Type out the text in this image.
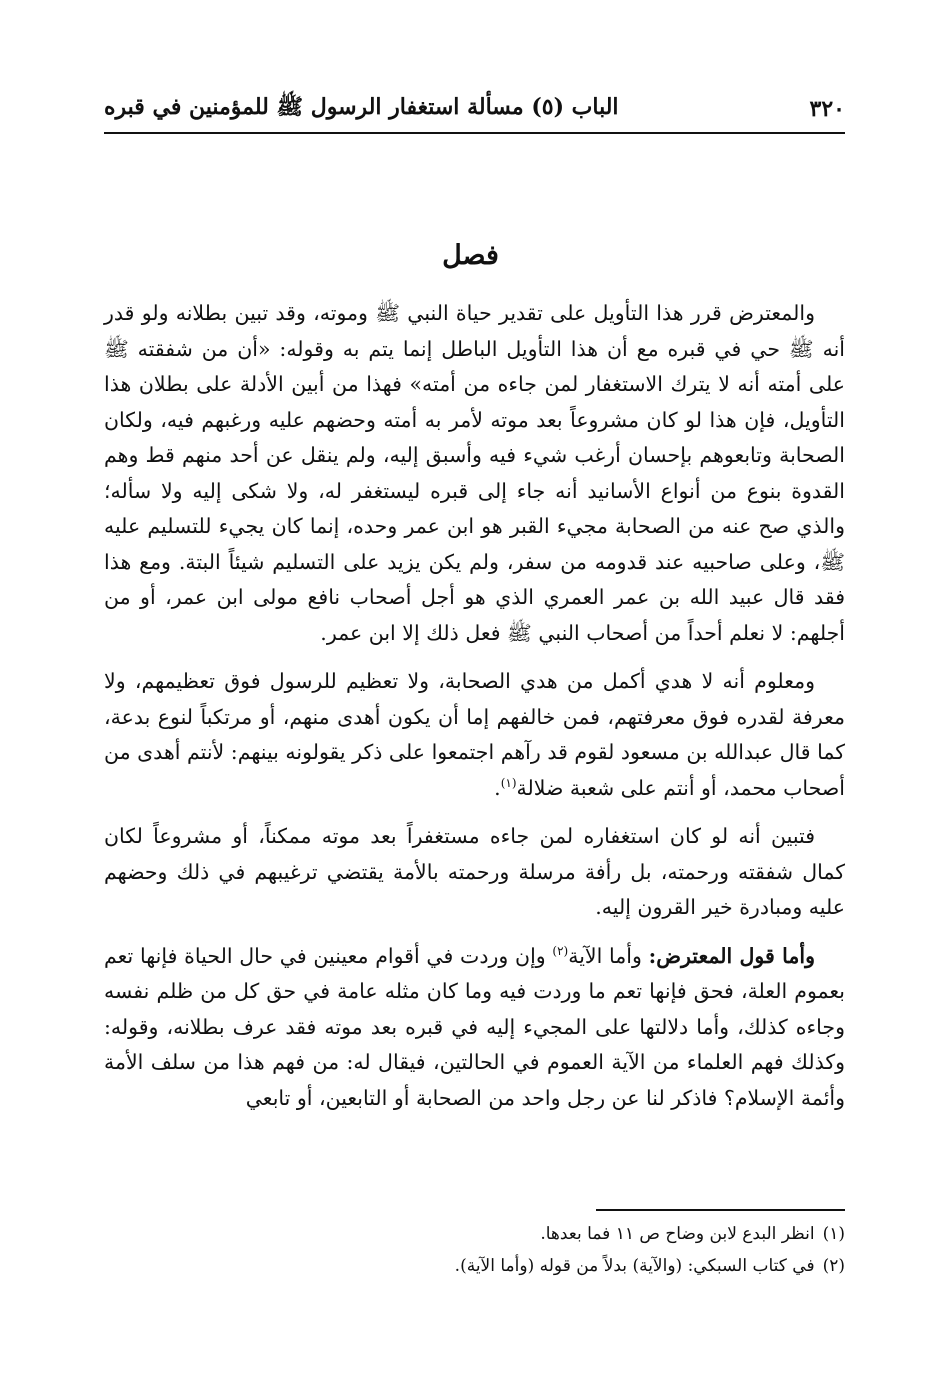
٣٢٠
الباب (٥) مسألة استغفار الرسول ﷺ للمؤمنين في قبره
فصل

والمعترض قرر هذا التأويل على تقدير حياة النبي ﷺ وموته، وقد تبين بطلانه ولو قدر أنه ﷺ حي في قبره مع أن هذا التأويل الباطل إنما يتم به وقوله: «أن من شفقته ﷺ على أمته أنه لا يترك الاستغفار لمن جاءه من أمته» فهذا من أبين الأدلة على بطلان هذا التأويل، فإن هذا لو كان مشروعاً بعد موته لأمر به أمته وحضهم عليه ورغبهم فيه، ولكان الصحابة وتابعوهم بإحسان أرغب شيء فيه وأسبق إليه، ولم ينقل عن أحد منهم قط وهم القدوة بنوع من أنواع الأسانيد أنه جاء إلى قبره ليستغفر له، ولا شكى إليه ولا سأله؛ والذي صح عنه من الصحابة مجيء القبر هو ابن عمر وحده، إنما كان يجيء للتسليم عليه ﷺ، وعلى صاحبيه عند قدومه من سفر، ولم يكن يزيد على التسليم شيئاً البتة. ومع هذا فقد قال عبيد الله بن عمر العمري الذي هو أجل أصحاب نافع مولى ابن عمر، أو من أجلهم: لا نعلم أحداً من أصحاب النبي ﷺ فعل ذلك إلا ابن عمر.

ومعلوم أنه لا هدي أكمل من هدي الصحابة، ولا تعظيم للرسول فوق تعظيمهم، ولا معرفة لقدره فوق معرفتهم، فمن خالفهم إما أن يكون أهدى منهم، أو مرتكباً لنوع بدعة، كما قال عبدالله بن مسعود لقوم قد رآهم اجتمعوا على ذكر يقولونه بينهم: لأنتم أهدى من أصحاب محمد، أو أنتم على شعبة ضلالة$^{(١)}$.

فتبين أنه لو كان استغفاره لمن جاءه مستغفراً بعد موته ممكناً، أو مشروعاً لكان كمال شفقته ورحمته، بل رأفة مرسلة ورحمته بالأمة يقتضي ترغيبهم في ذلك وحضهم عليه ومبادرة خير القرون إليه.

وأما قول المعترض: وأما الآية$^{(٢)}$ وإن وردت في أقوام معينين في حال الحياة فإنها تعم بعموم العلة، فحق فإنها تعم ما وردت فيه وما كان مثله عامة في حق كل من ظلم نفسه وجاءه كذلك، وأما دلالتها على المجيء إليه في قبره بعد موته فقد عرف بطلانه، وقوله: وكذلك فهم العلماء من الآية العموم في الحالتين، فيقال له: من فهم هذا من سلف الأمة وأئمة الإسلام؟ فاذكر لنا عن رجل واحد من الصحابة أو التابعين، أو تابعي

(١)
انظر البدع لابن وضاح ص ١١ فما بعدها.
(٢)
في كتاب السبكي: (والآية) بدلاً من قوله (وأما الآية).
